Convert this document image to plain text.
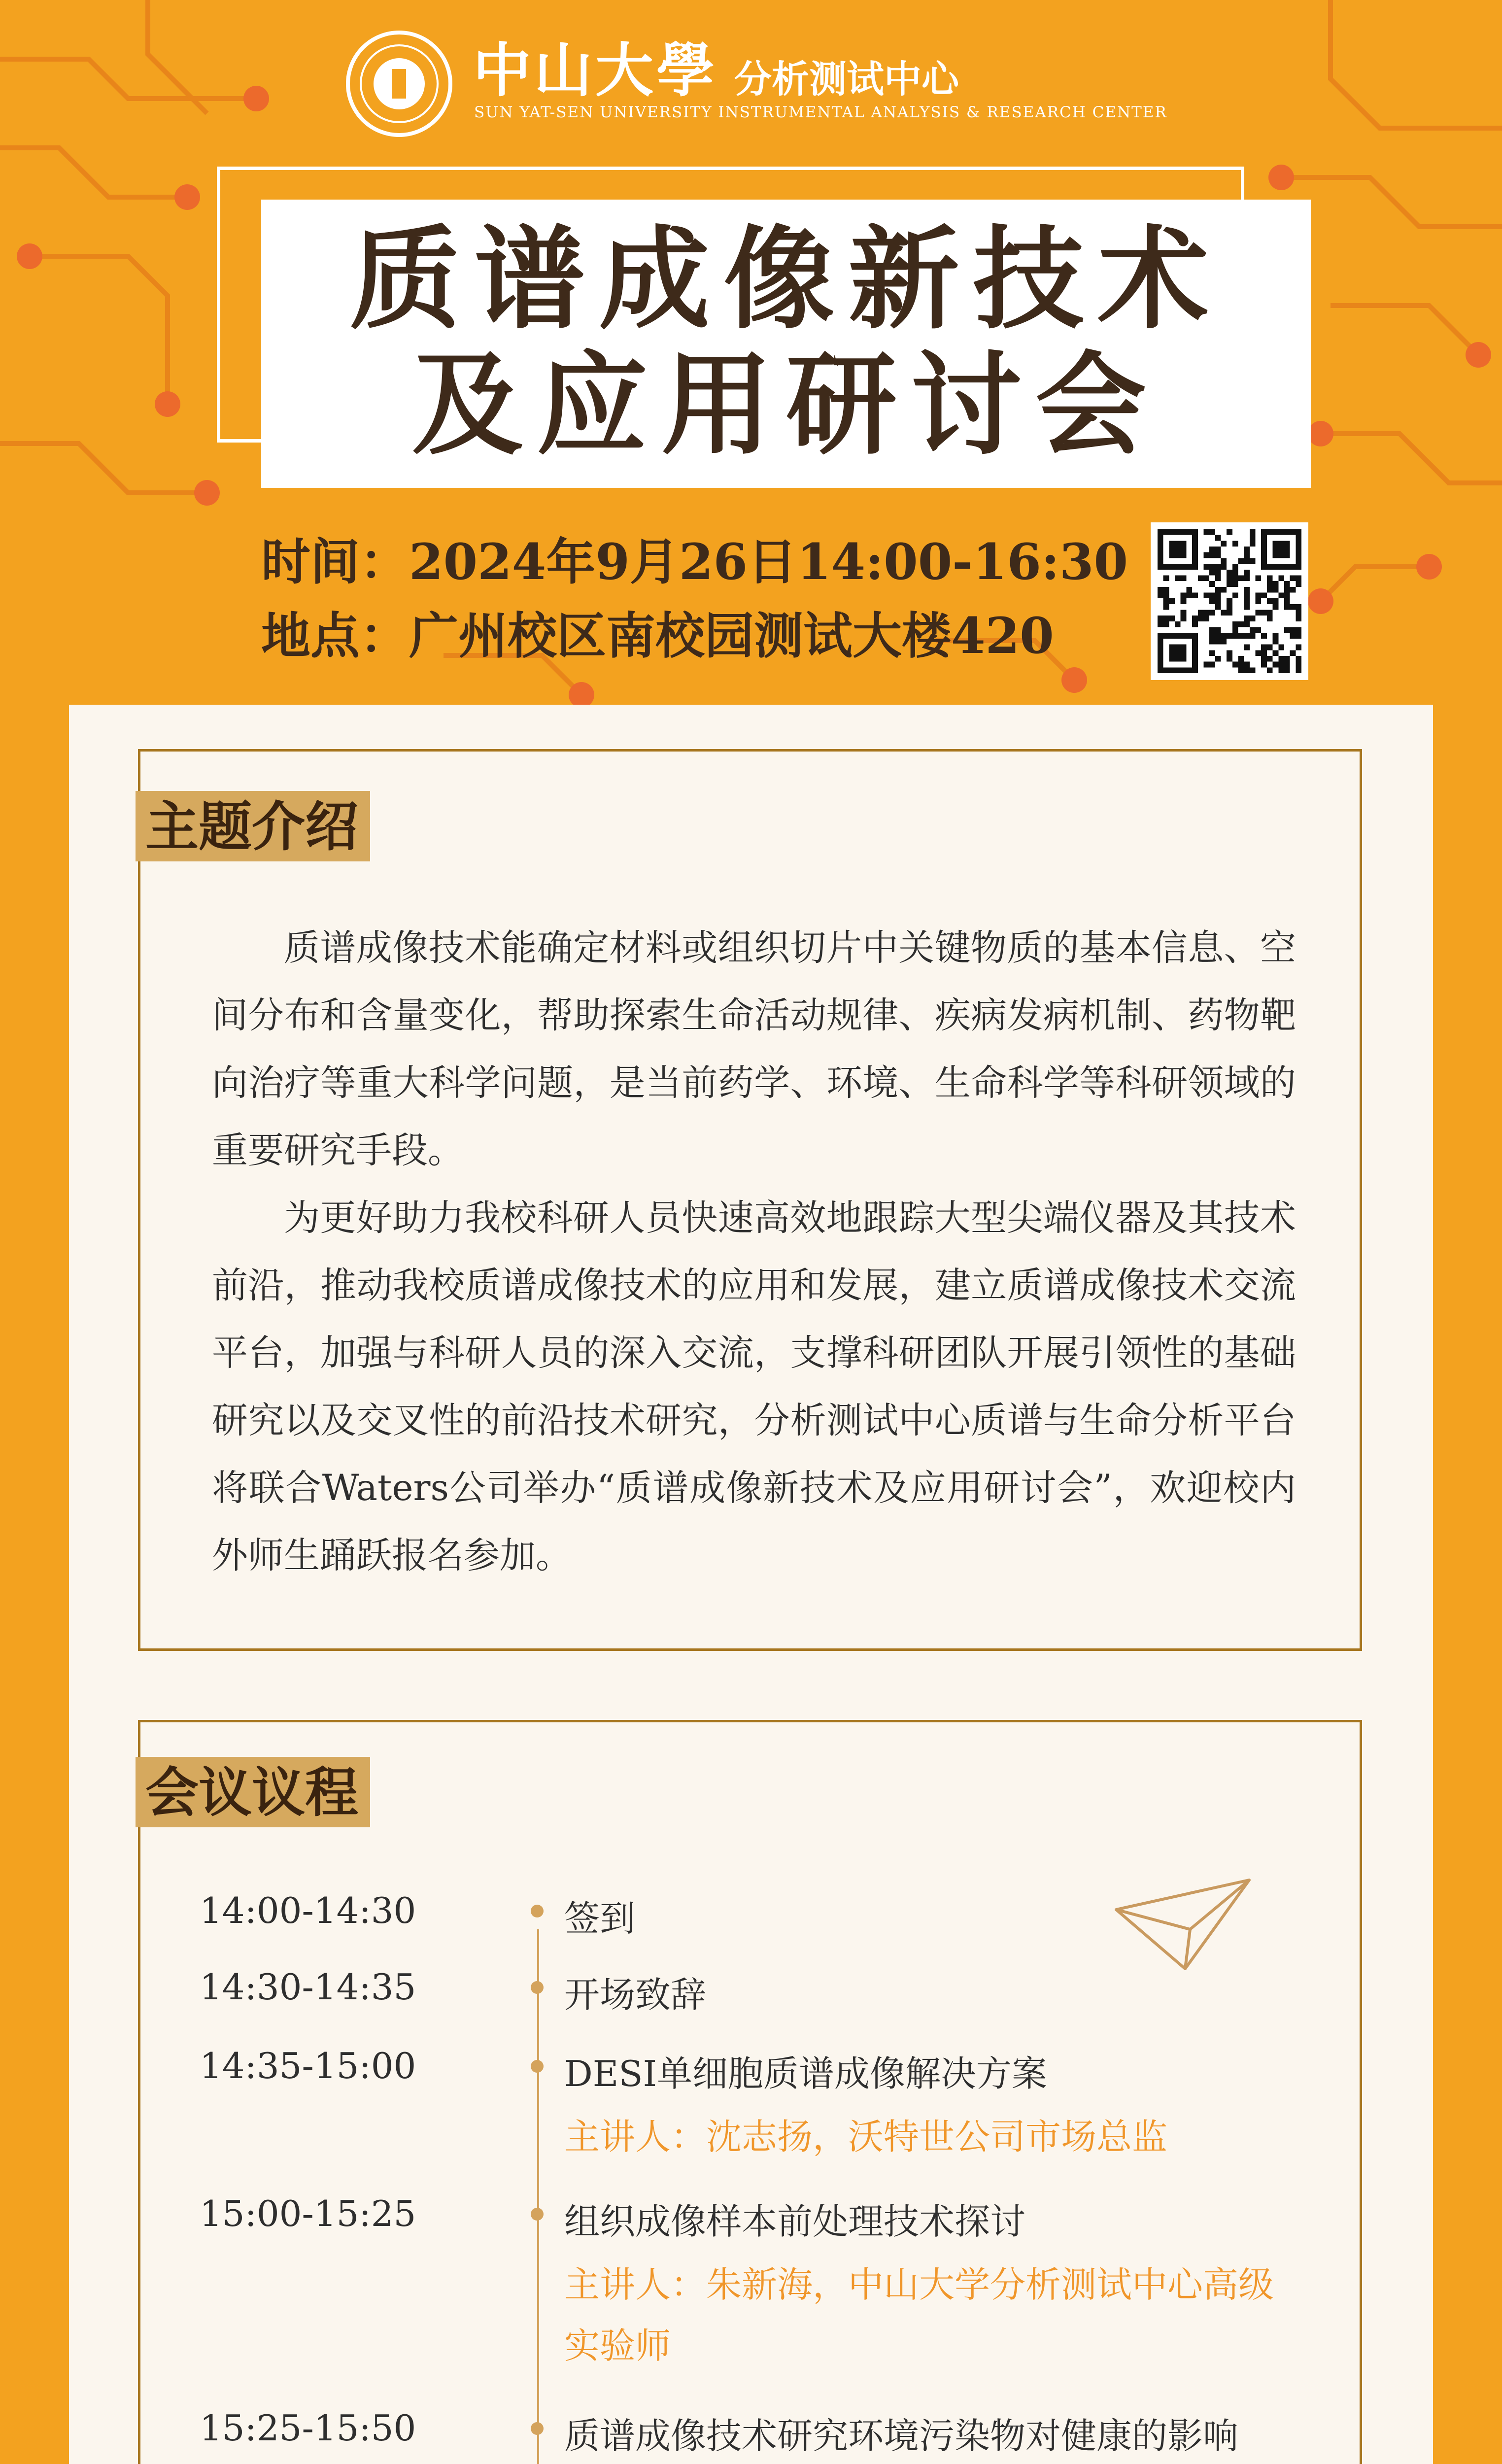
中山大學 分析测试中心
SUN YAT-SEN UNIVERSITY INSTRUMENTAL ANALYSIS & RESEARCH CENTER
质谱成像新技术
及应用研讨会
时间：2024年9月26日14:00-16:30
地点：广州校区南校园测试大楼420
主题介绍

质谱成像技术能确定材料或组织切片中关键物质的基本信息、空间分布和含量变化，帮助探索生命活动规律、疾病发病机制、药物靶向治疗等重大科学问题，是当前药学、环境、生命科学等科研领域的重要研究手段。

为更好助力我校科研人员快速高效地跟踪大型尖端仪器及其技术前沿，推动我校质谱成像技术的应用和发展，建立质谱成像技术交流平台，加强与科研人员的深入交流，支撑科研团队开展引领性的基础研究以及交叉性的前沿技术研究，分析测试中心质谱与生命分析平台将联合Waters公司举办“质谱成像新技术及应用研讨会”，欢迎校内外师生踊跃报名参加。

会议议程
14:00-14:30	签到
14:30-14:35	开场致辞
14:35-15:00	DESI单细胞质谱成像解决方案
主讲人：沈志扬，沃特世公司市场总监
15:00-15:25	组织成像样本前处理技术探讨
主讲人：朱新海，中山大学分析测试中心高级实验师
15:25-15:50	质谱成像技术研究环境污染物对健康的影响
